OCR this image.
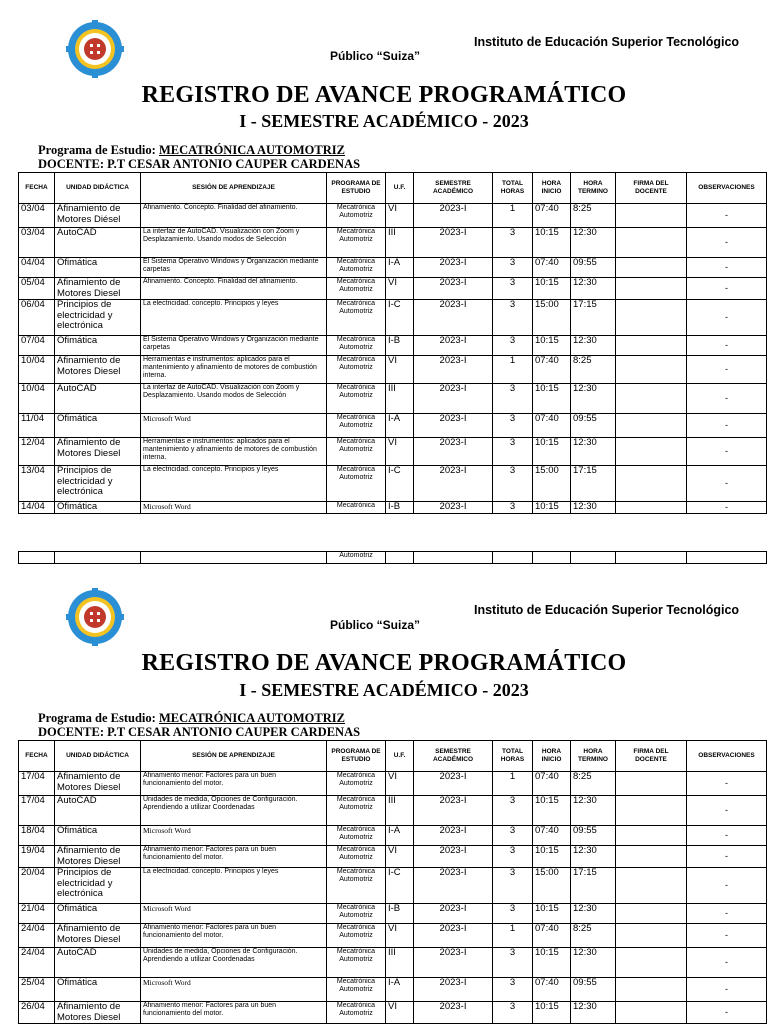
Instituto de Educación Superior Tecnológico
Público “Suiza”
REGISTRO DE AVANCE PROGRAMÁTICO
I - SEMESTRE ACADÉMICO - 2023
Programa de Estudio: MECATRÓNICA AUTOMOTRIZ
DOCENTE: P.T CESAR ANTONIO CAUPER CARDENAS
FECHA	UNIDAD DIDÁCTICA	SESIÓN DE APRENDIZAJE	PROGRAMA DE ESTUDIO	U.F.	SEMESTRE ACADÉMICO	TOTAL HORAS	HORA INICIO	HORA TERMINO	FIRMA DEL DOCENTE	OBSERVACIONES
03/04	Afinamiento de Motores Diésel	Afinamiento. Concepto. Finalidad del afinamiento.	Mecatrónica Automotriz	VI	2023-I	1	07:40	8:25		-
03/04	AutoCAD	La interfaz de AutoCAD. Visualización con Zoom y Desplazamiento. Usando modos de Selección	Mecatrónica Automotriz	III	2023-I	3	10:15	12:30		-
04/04	Ofimática	El Sistema Operativo Windows y Organización mediante carpetas	Mecatrónica Automotriz	I-A	2023-I	3	07:40	09:55		-
05/04	Afinamiento de Motores Diesel	Afinamiento. Concepto. Finalidad del afinamiento.	Mecatrónica Automotriz	VI	2023-I	3	10:15	12:30		-
06/04	Principios de electricidad y electrónica	La electricidad. concepto. Principios y leyes	Mecatrónica Automotriz	I-C	2023-I	3	15:00	17:15		-
07/04	Ofimática	El Sistema Operativo Windows y Organización mediante carpetas	Mecatrónica Automotriz	I-B	2023-I	3	10:15	12:30		-
10/04	Afinamiento de Motores Diesel	Herramientas e instrumentos: aplicados para el mantenimiento y afinamiento de motores de combustión interna.	Mecatrónica Automotriz	VI	2023-I	1	07:40	8:25		-
10/04	AutoCAD	La interfaz de AutoCAD. Visualización con Zoom y Desplazamiento. Usando modos de Selección	Mecatrónica Automotriz	III	2023-I	3	10:15	12:30		-
11/04	Ofimática	Microsoft Word	Mecatrónica Automotriz	I-A	2023-I	3	07:40	09:55		-
12/04	Afinamiento de Motores Diesel	Herramientas e instrumentos: aplicados para el mantenimiento y afinamiento de motores de combustión interna.	Mecatrónica Automotriz	VI	2023-I	3	10:15	12:30		-
13/04	Principios de electricidad y electrónica	La electricidad. concepto. Principios y leyes	Mecatrónica Automotriz	I-C	2023-I	3	15:00	17:15		-
14/04	Ofimática	Microsoft Word	Mecatrónica	I-B	2023-I	3	10:15	12:30		-
			Automotriz							
Instituto de Educación Superior Tecnológico
Público “Suiza”
REGISTRO DE AVANCE PROGRAMÁTICO
I - SEMESTRE ACADÉMICO - 2023
Programa de Estudio: MECATRÓNICA AUTOMOTRIZ
DOCENTE: P.T CESAR ANTONIO CAUPER CARDENAS
FECHA	UNIDAD DIDÁCTICA	SESIÓN DE APRENDIZAJE	PROGRAMA DE ESTUDIO	U.F.	SEMESTRE ACADÉMICO	TOTAL HORAS	HORA INICIO	HORA TERMINO	FIRMA DEL DOCENTE	OBSERVACIONES
17/04	Afinamiento de Motores Diesel	Afinamiento menor: Factores para un buen funcionamiento del motor.	Mecatrónica Automotriz	VI	2023-I	1	07:40	8:25		-
17/04	AutoCAD	Unidades de medida, Opciones de Configuración. Aprendiendo a utilizar Coordenadas	Mecatrónica Automotriz	III	2023-I	3	10:15	12:30		-
18/04	Ofimática	Microsoft Word	Mecatrónica Automotriz	I-A	2023-I	3	07:40	09:55		-
19/04	Afinamiento de Motores Diesel	Afinamiento menor: Factores para un buen funcionamiento del motor.	Mecatrónica Automotriz	VI	2023-I	3	10:15	12:30		-
20/04	Principios de electricidad y electrónica	La electricidad. concepto. Principios y leyes	Mecatrónica Automotriz	I-C	2023-I	3	15:00	17:15		-
21/04	Ofimática	Microsoft Word	Mecatrónica Automotriz	I-B	2023-I	3	10:15	12:30		-
24/04	Afinamiento de Motores Diesel	Afinamiento menor: Factores para un buen funcionamiento del motor.	Mecatrónica Automotriz	VI	2023-I	1	07:40	8:25		-
24/04	AutoCAD	Unidades de medida, Opciones de Configuración. Aprendiendo a utilizar Coordenadas	Mecatrónica Automotriz	III	2023-I	3	10:15	12:30		-
25/04	Ofimática	Microsoft Word	Mecatrónica Automotriz	I-A	2023-I	3	07:40	09:55		-
26/04	Afinamiento de Motores Diesel	Afinamiento menor: Factores para un buen funcionamiento del motor.	Mecatrónica Automotriz	VI	2023-I	3	10:15	12:30		-
